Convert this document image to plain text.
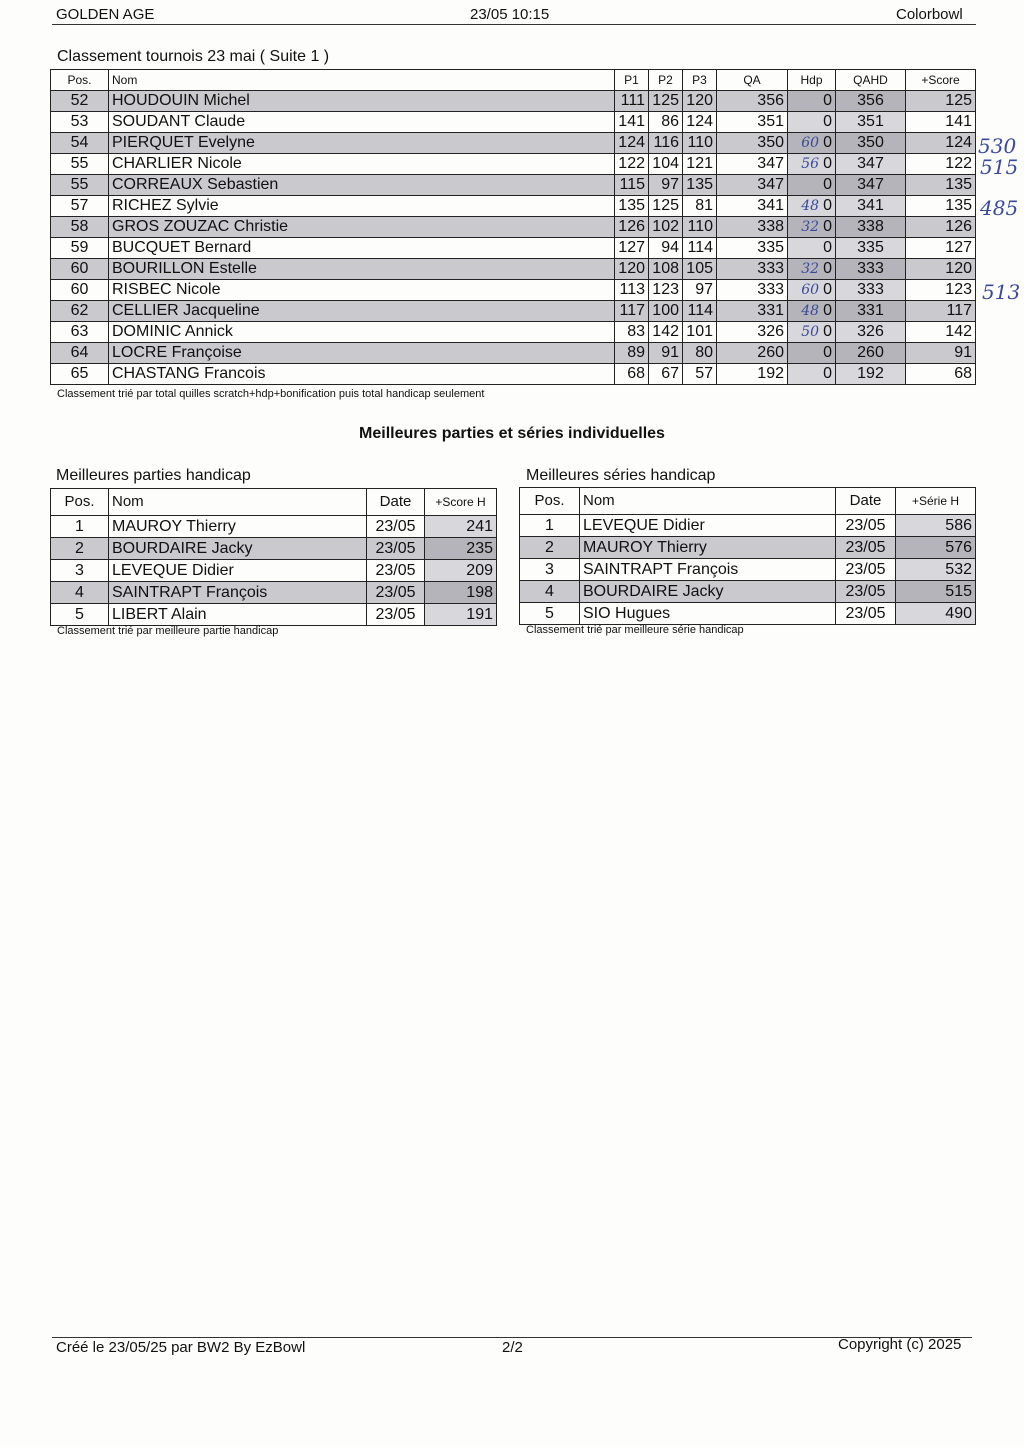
GOLDEN AGE	23/05 10:15	Colorbowl
Classement tournois 23 mai ( Suite 1 )
Pos.	Nom	P1	P2	P3	QA	Hdp	QAHD	+Score
52	HOUDOUIN Michel	111	125	120	356	0	356	125
53	SOUDANT Claude	141	86	124	351	0	351	141
54	PIERQUET Evelyne	124	116	110	350	60 0	350	124
55	CHARLIER Nicole	122	104	121	347	56 0	347	122
55	CORREAUX Sebastien	115	97	135	347	0	347	135
57	RICHEZ Sylvie	135	125	81	341	48 0	341	135
58	GROS ZOUZAC Christie	126	102	110	338	32 0	338	126
59	BUCQUET Bernard	127	94	114	335	0	335	127
60	BOURILLON Estelle	120	108	105	333	32 0	333	120
60	RISBEC Nicole	113	123	97	333	60 0	333	123
62	CELLIER Jacqueline	117	100	114	331	48 0	331	117
63	DOMINIC Annick	83	142	101	326	50 0	326	142
64	LOCRE Françoise	89	91	80	260	0	260	91
65	CHASTANG Francois	68	67	57	192	0	192	68
Classement trié par total quilles scratch+hdp+bonification puis total handicap seulement
530
515
485
513
Meilleures parties et séries individuelles
Meilleures parties handicap
Pos.	Nom	Date	+Score H
1	MAUROY Thierry	23/05	241
2	BOURDAIRE Jacky	23/05	235
3	LEVEQUE Didier	23/05	209
4	SAINTRAPT François	23/05	198
5	LIBERT Alain	23/05	191
Classement trié par meilleure partie handicap
Meilleures séries handicap
Pos.	Nom	Date	+Série H
1	LEVEQUE Didier	23/05	586
2	MAUROY Thierry	23/05	576
3	SAINTRAPT François	23/05	532
4	BOURDAIRE Jacky	23/05	515
5	SIO Hugues	23/05	490
Classement trié par meilleure série handicap
Créé le 23/05/25 par BW2 By EzBowl	2/2	Copyright (c) 2025
